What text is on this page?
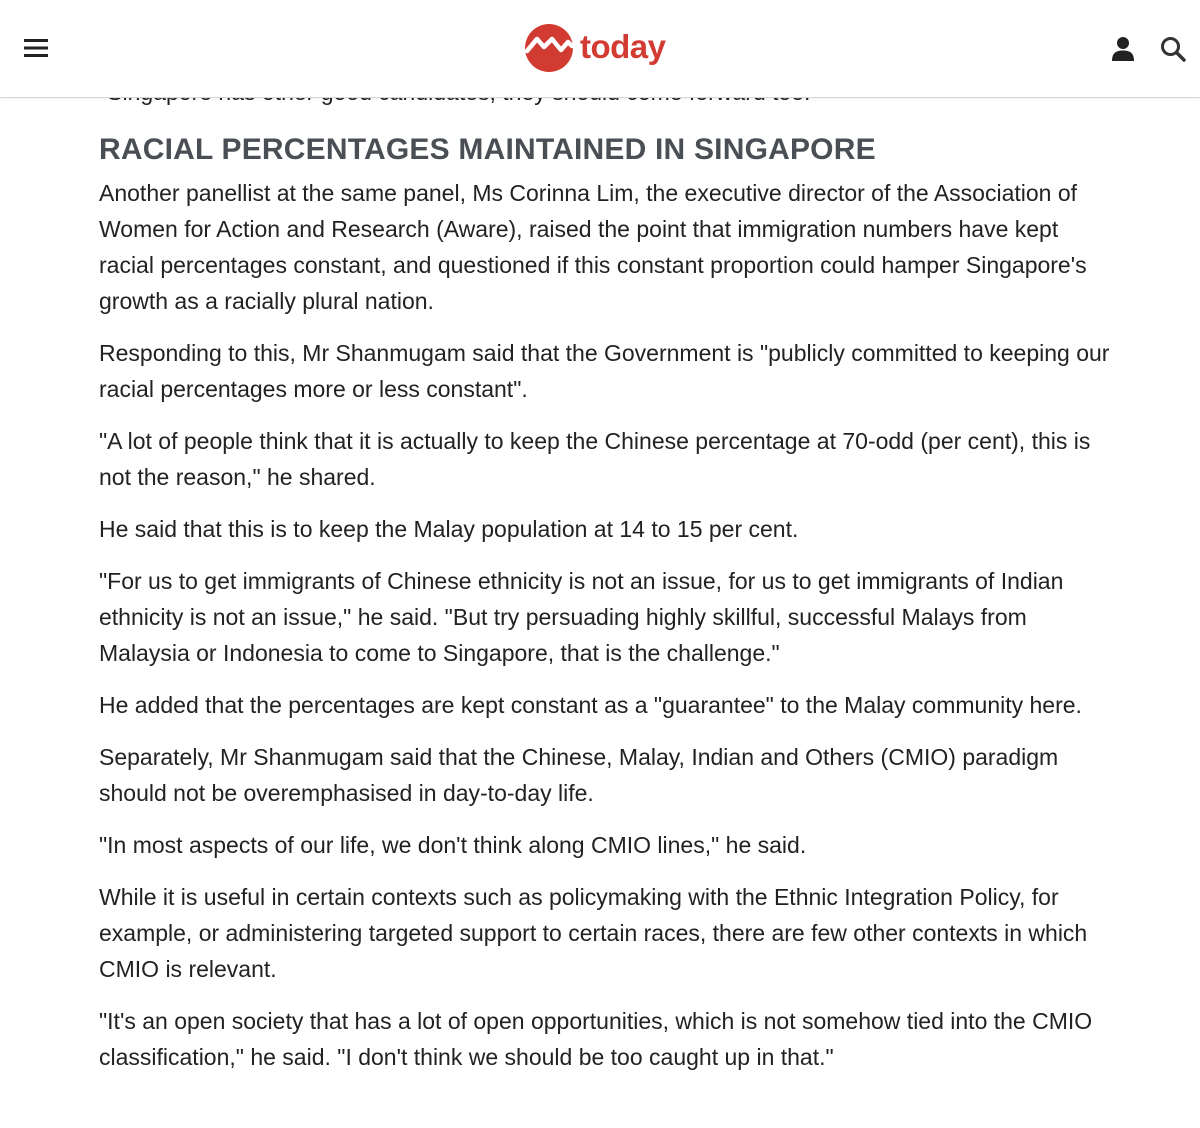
today

RACIAL PERCENTAGES MAINTAINED IN SINGAPORE

Another panellist at the same panel, Ms Corinna Lim, the executive director of the Association of Women for Action and Research (Aware), raised the point that immigration numbers have kept racial percentages constant, and questioned if this constant proportion could hamper Singapore's growth as a racially plural nation.

Responding to this, Mr Shanmugam said that the Government is "publicly committed to keeping our racial percentages more or less constant".

"A lot of people think that it is actually to keep the Chinese percentage at 70-odd (per cent), this is not the reason," he shared.

He said that this is to keep the Malay population at 14 to 15 per cent.

"For us to get immigrants of Chinese ethnicity is not an issue, for us to get immigrants of Indian ethnicity is not an issue," he said. "But try persuading highly skillful, successful Malays from Malaysia or Indonesia to come to Singapore, that is the challenge."

He added that the percentages are kept constant as a "guarantee" to the Malay community here.

Separately, Mr Shanmugam said that the Chinese, Malay, Indian and Others (CMIO) paradigm should not be overemphasised in day-to-day life.

"In most aspects of our life, we don't think along CMIO lines," he said.

While it is useful in certain contexts such as policymaking with the Ethnic Integration Policy, for example, or administering targeted support to certain races, there are few other contexts in which CMIO is relevant.

"It's an open society that has a lot of open opportunities, which is not somehow tied into the CMIO classification," he said. "I don't think we should be too caught up in that."
